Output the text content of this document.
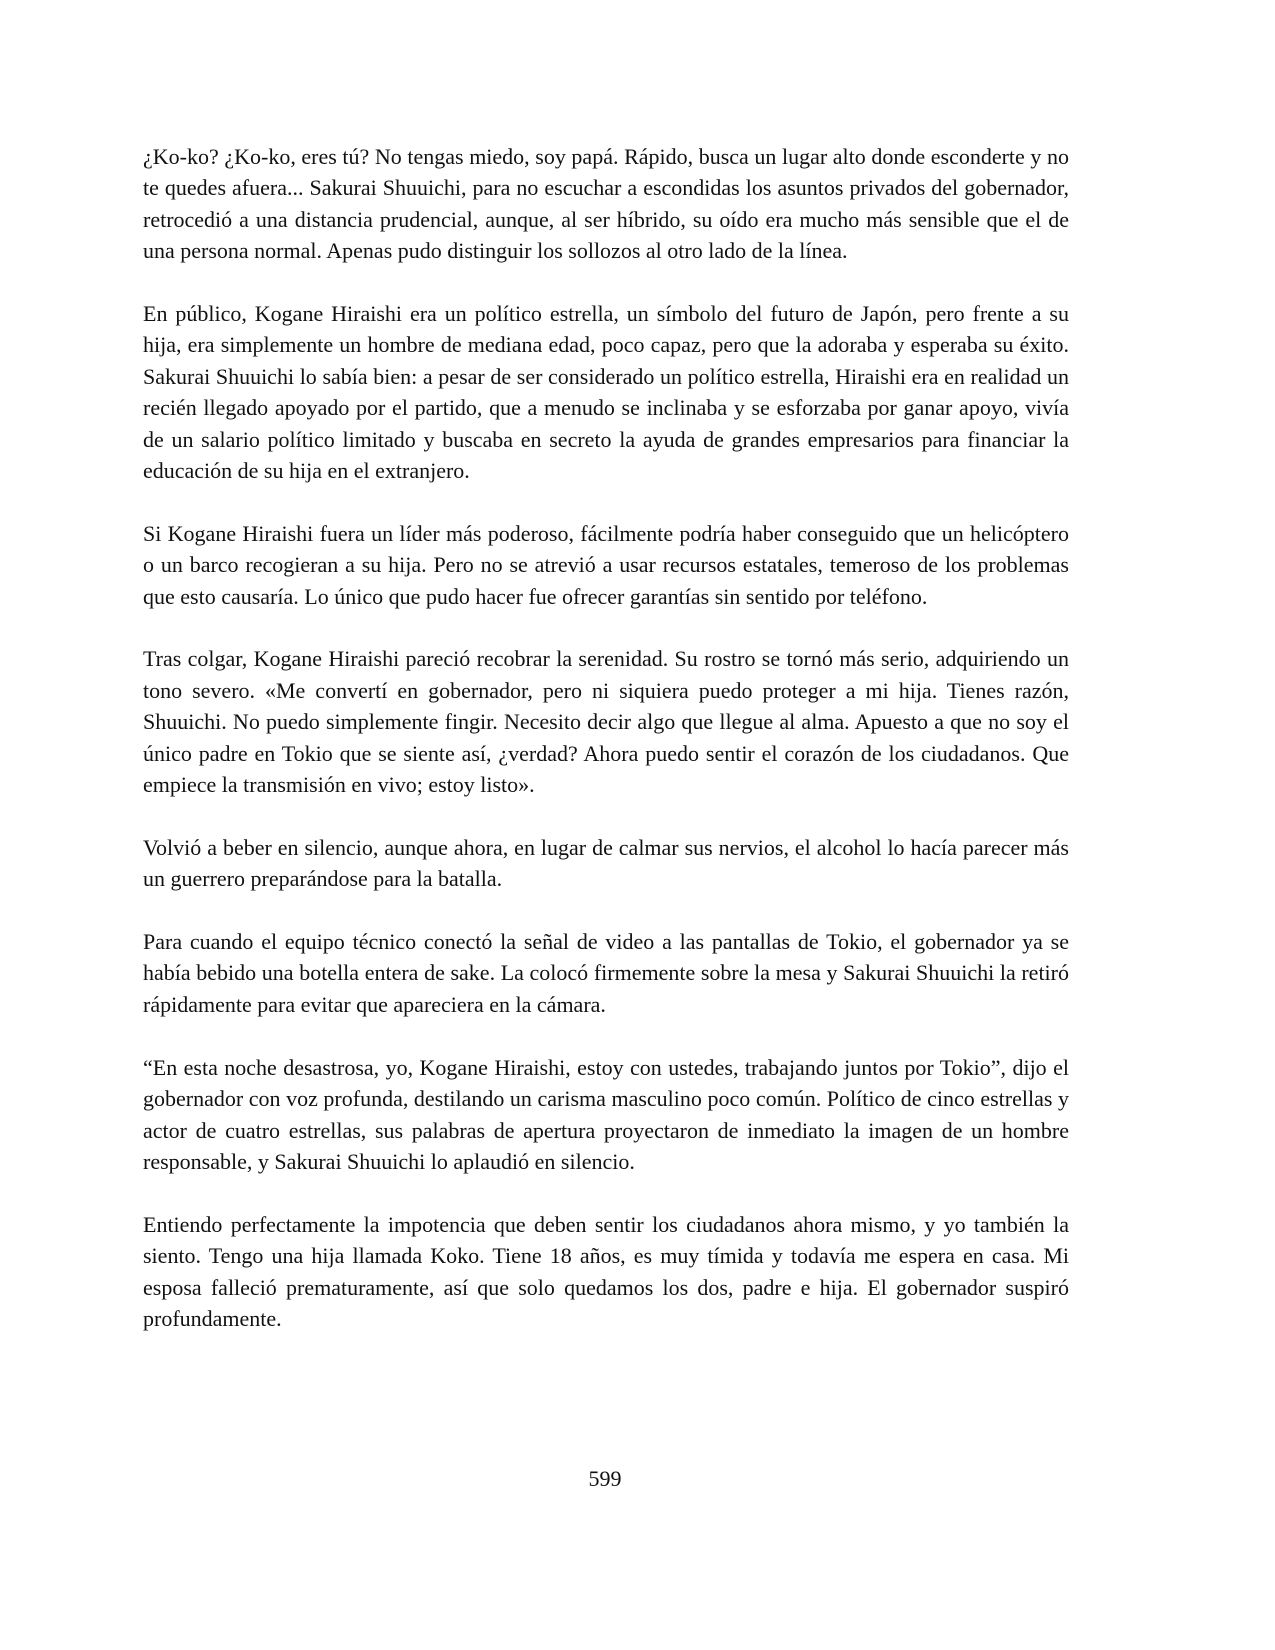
¿Ko-ko? ¿Ko-ko, eres tú? No tengas miedo, soy papá. Rápido, busca un lugar alto donde esconderte y no te quedes afuera... Sakurai Shuuichi, para no escuchar a escondidas los asuntos privados del gobernador, retrocedió a una distancia prudencial, aunque, al ser híbrido, su oído era mucho más sensible que el de una persona normal. Apenas pudo distinguir los sollozos al otro lado de la línea.

En público, Kogane Hiraishi era un político estrella, un símbolo del futuro de Japón, pero frente a su hija, era simplemente un hombre de mediana edad, poco capaz, pero que la adoraba y esperaba su éxito. Sakurai Shuuichi lo sabía bien: a pesar de ser considerado un político estrella, Hiraishi era en realidad un recién llegado apoyado por el partido, que a menudo se inclinaba y se esforzaba por ganar apoyo, vivía de un salario político limitado y buscaba en secreto la ayuda de grandes empresarios para financiar la educación de su hija en el extranjero.

Si Kogane Hiraishi fuera un líder más poderoso, fácilmente podría haber conseguido que un helicóptero o un barco recogieran a su hija. Pero no se atrevió a usar recursos estatales, temeroso de los problemas que esto causaría. Lo único que pudo hacer fue ofrecer garantías sin sentido por teléfono.

Tras colgar, Kogane Hiraishi pareció recobrar la serenidad. Su rostro se tornó más serio, adquiriendo un tono severo. «Me convertí en gobernador, pero ni siquiera puedo proteger a mi hija. Tienes razón, Shuuichi. No puedo simplemente fingir. Necesito decir algo que llegue al alma. Apuesto a que no soy el único padre en Tokio que se siente así, ¿verdad? Ahora puedo sentir el corazón de los ciudadanos. Que empiece la transmisión en vivo; estoy listo».

Volvió a beber en silencio, aunque ahora, en lugar de calmar sus nervios, el alcohol lo hacía parecer más un guerrero preparándose para la batalla.

Para cuando el equipo técnico conectó la señal de video a las pantallas de Tokio, el gobernador ya se había bebido una botella entera de sake. La colocó firmemente sobre la mesa y Sakurai Shuuichi la retiró rápidamente para evitar que apareciera en la cámara.

“En esta noche desastrosa, yo, Kogane Hiraishi, estoy con ustedes, trabajando juntos por Tokio”, dijo el gobernador con voz profunda, destilando un carisma masculino poco común. Político de cinco estrellas y actor de cuatro estrellas, sus palabras de apertura proyectaron de inmediato la imagen de un hombre responsable, y Sakurai Shuuichi lo aplaudió en silencio.

Entiendo perfectamente la impotencia que deben sentir los ciudadanos ahora mismo, y yo también la siento. Tengo una hija llamada Koko. Tiene 18 años, es muy tímida y todavía me espera en casa. Mi esposa falleció prematuramente, así que solo quedamos los dos, padre e hija. El gobernador suspiró profundamente.

599
